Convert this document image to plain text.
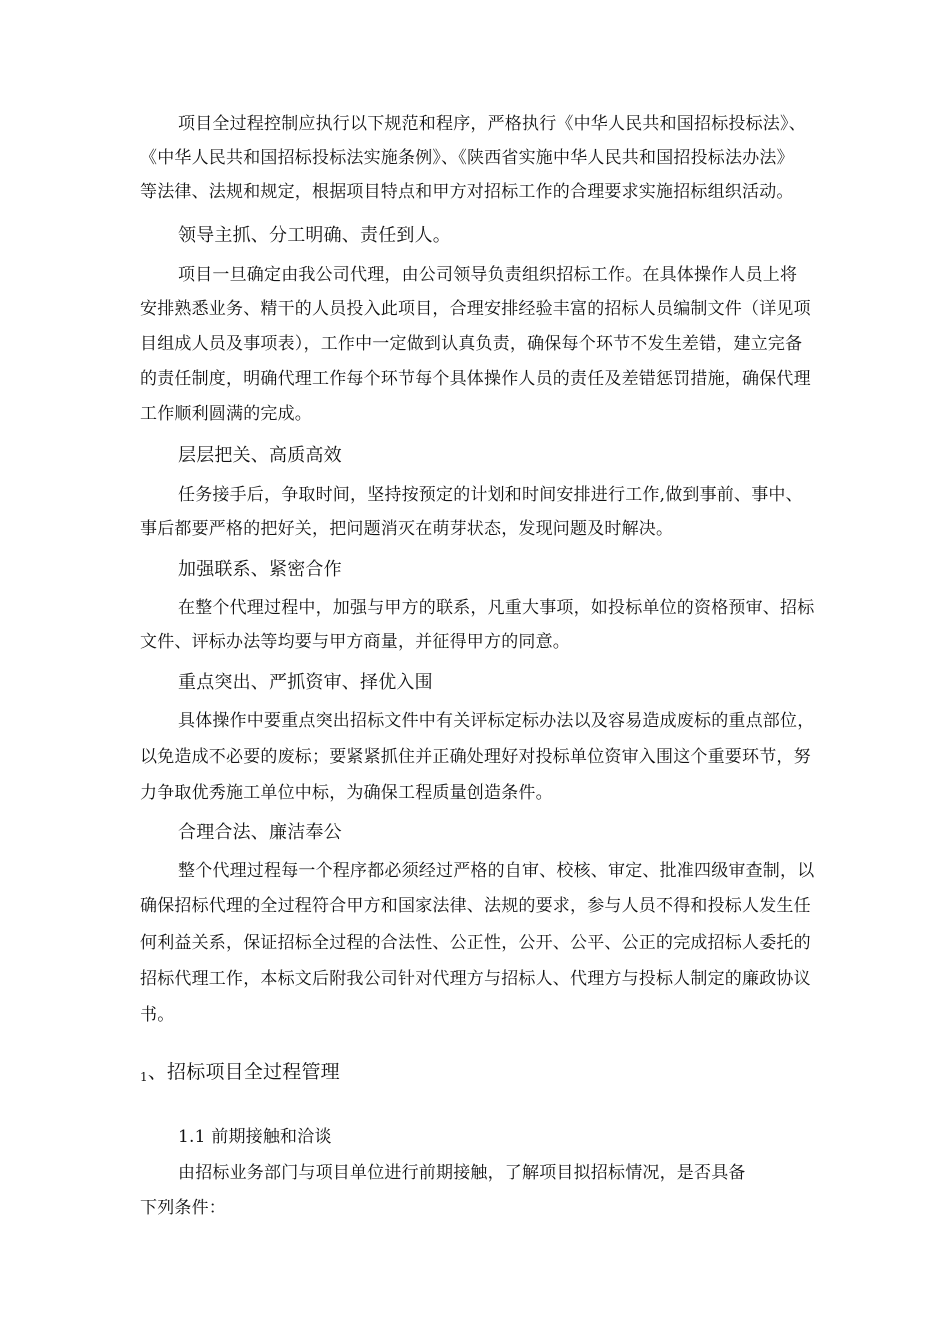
项目全过程控制应执行以下规范和程序，严格执行《中华人民共和国招标投标法》、
《中华人民共和国招标投标法实施条例》、《陕西省实施中华人民共和国招投标法办法》
等法律、法规和规定，根据项目特点和甲方对招标工作的合理要求实施招标组织活动。
领导主抓、分工明确、责任到人。
项目一旦确定由我公司代理，由公司领导负责组织招标工作。在具体操作人员上将
安排熟悉业务、精干的人员投入此项目，合理安排经验丰富的招标人员编制文件（详见项
目组成人员及事项表），工作中一定做到认真负责，确保每个环节不发生差错，建立完备
的责任制度，明确代理工作每个环节每个具体操作人员的责任及差错惩罚措施，确保代理
工作顺利圆满的完成。
层层把关、高质高效
任务接手后，争取时间，坚持按预定的计划和时间安排进行工作,做到事前、事中、
事后都要严格的把好关，把问题消灭在萌芽状态，发现问题及时解决。
加强联系、紧密合作
在整个代理过程中，加强与甲方的联系，凡重大事项，如投标单位的资格预审、招标
文件、评标办法等均要与甲方商量，并征得甲方的同意。
重点突出、严抓资审、择优入围
具体操作中要重点突出招标文件中有关评标定标办法以及容易造成废标的重点部位，
以免造成不必要的废标；要紧紧抓住并正确处理好对投标单位资审入围这个重要环节，努
力争取优秀施工单位中标，为确保工程质量创造条件。
合理合法、廉洁奉公
整个代理过程每一个程序都必须经过严格的自审、校核、审定、批准四级审查制，以
确保招标代理的全过程符合甲方和国家法律、法规的要求，参与人员不得和投标人发生任
何利益关系，保证招标全过程的合法性、公正性，公开、公平、公正的完成招标人委托的
招标代理工作，本标文后附我公司针对代理方与招标人、代理方与投标人制定的廉政协议
书。
1、招标项目全过程管理
1.1 前期接触和洽谈
由招标业务部门与项目单位进行前期接触，了解项目拟招标情况，是否具备
下列条件：
